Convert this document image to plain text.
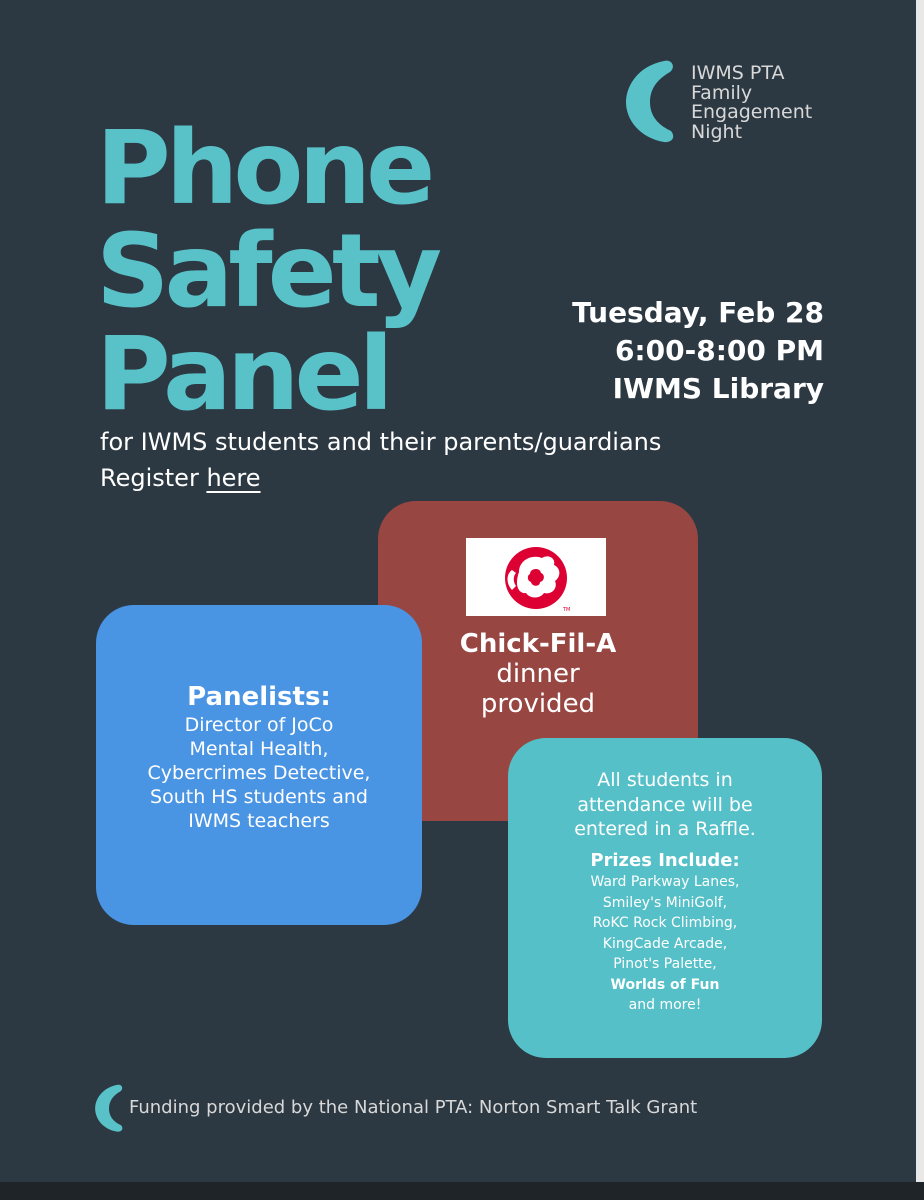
IWMS PTA
Family
Engagement
Night
Phone
Safety
Panel
Tuesday, Feb 28
6:00-8:00 PM
IWMS Library
for IWMS students and their parents/guardians
Register here
TM
Chick-Fil-A
dinner
provided
Panelists:
Director of JoCo
Mental Health,
Cybercrimes Detective,
South HS students and
IWMS teachers
All students in
attendance will be
entered in a Raffle.
Prizes Include:
Ward Parkway Lanes,
Smiley's MiniGolf,
RoKC Rock Climbing,
KingCade Arcade,
Pinot's Palette,
Worlds of Fun
and more!
Funding provided by the National PTA: Norton Smart Talk Grant
